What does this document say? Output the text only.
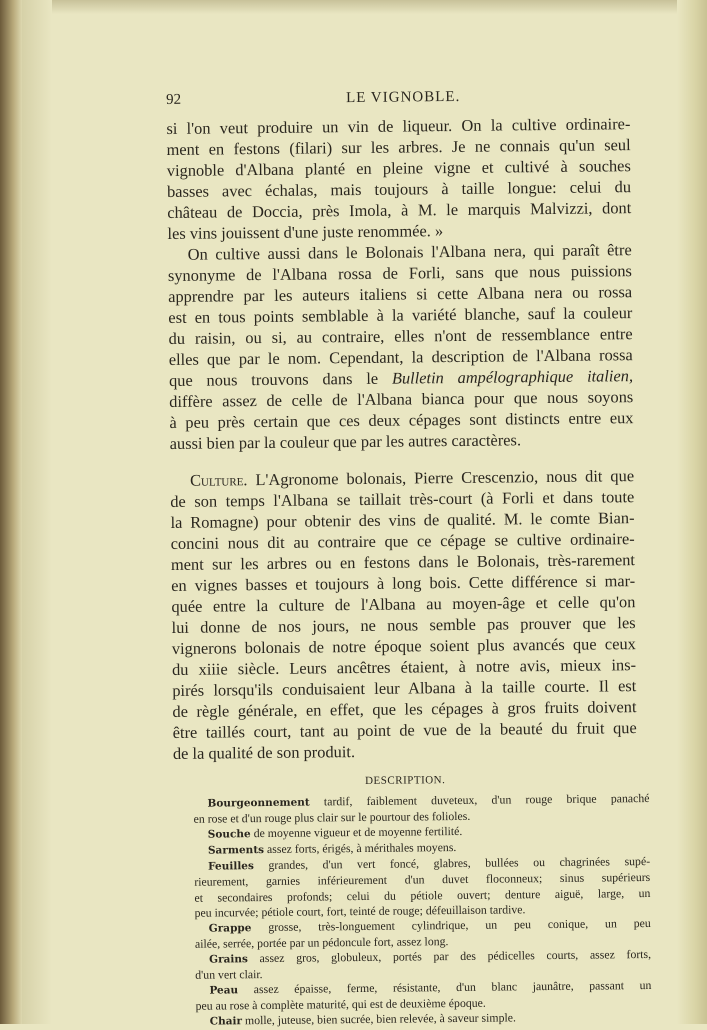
92	LE VIGNOBLE.
si l'on veut produire un vin de liqueur. On la cultive ordinaire-
ment en festons (filari) sur les arbres. Je ne connais qu'un seul
vignoble d'Albana planté en pleine vigne et cultivé à souches
basses avec échalas, mais toujours à taille longue: celui du
château de Doccia, près Imola, à M. le marquis Malvizzi, dont
les vins jouissent d'une juste renommée. »
On cultive aussi dans le Bolonais l'Albana nera, qui paraît être
synonyme de l'Albana rossa de Forli, sans que nous puissions
apprendre par les auteurs italiens si cette Albana nera ou rossa
est en tous points semblable à la variété blanche, sauf la couleur
du raisin, ou si, au contraire, elles n'ont de ressemblance entre
elles que par le nom. Cependant, la description de l'Albana rossa
que nous trouvons dans le Bulletin ampélographique italien,
diffère assez de celle de l'Albana bianca pour que nous soyons
à peu près certain que ces deux cépages sont distincts entre eux
aussi bien par la couleur que par les autres caractères.
Culture. L'Agronome bolonais, Pierre Crescenzio, nous dit que
de son temps l'Albana se taillait très-court (à Forli et dans toute
la Romagne) pour obtenir des vins de qualité. M. le comte Bian-
concini nous dit au contraire que ce cépage se cultive ordinaire-
ment sur les arbres ou en festons dans le Bolonais, très-rarement
en vignes basses et toujours à long bois. Cette différence si mar-
quée entre la culture de l'Albana au moyen-âge et celle qu'on
lui donne de nos jours, ne nous semble pas prouver que les
vignerons bolonais de notre époque soient plus avancés que ceux
du xiiie siècle. Leurs ancêtres étaient, à notre avis, mieux ins-
pirés lorsqu'ils conduisaient leur Albana à la taille courte. Il est
de règle générale, en effet, que les cépages à gros fruits doivent
être taillés court, tant au point de vue de la beauté du fruit que
de la qualité de son produit.
DESCRIPTION.
Bourgeonnement tardif, faiblement duveteux, d'un rouge brique panaché
en rose et d'un rouge plus clair sur le pourtour des folioles.
Souche de moyenne vigueur et de moyenne fertilité.
Sarments assez forts, érigés, à mérithales moyens.
Feuilles grandes, d'un vert foncé, glabres, bullées ou chagrinées supé-
rieurement, garnies inférieurement d'un duvet floconneux; sinus supérieurs
et secondaires profonds; celui du pétiole ouvert; denture aiguë, large, un
peu incurvée; pétiole court, fort, teinté de rouge; défeuillaison tardive.
Grappe grosse, très-longuement cylindrique, un peu conique, un peu
ailée, serrée, portée par un pédoncule fort, assez long.
Grains assez gros, globuleux, portés par des pédicelles courts, assez forts,
d'un vert clair.
Peau assez épaisse, ferme, résistante, d'un blanc jaunâtre, passant un
peu au rose à complète maturité, qui est de deuxième époque.
Chair molle, juteuse, bien sucrée, bien relevée, à saveur simple.
